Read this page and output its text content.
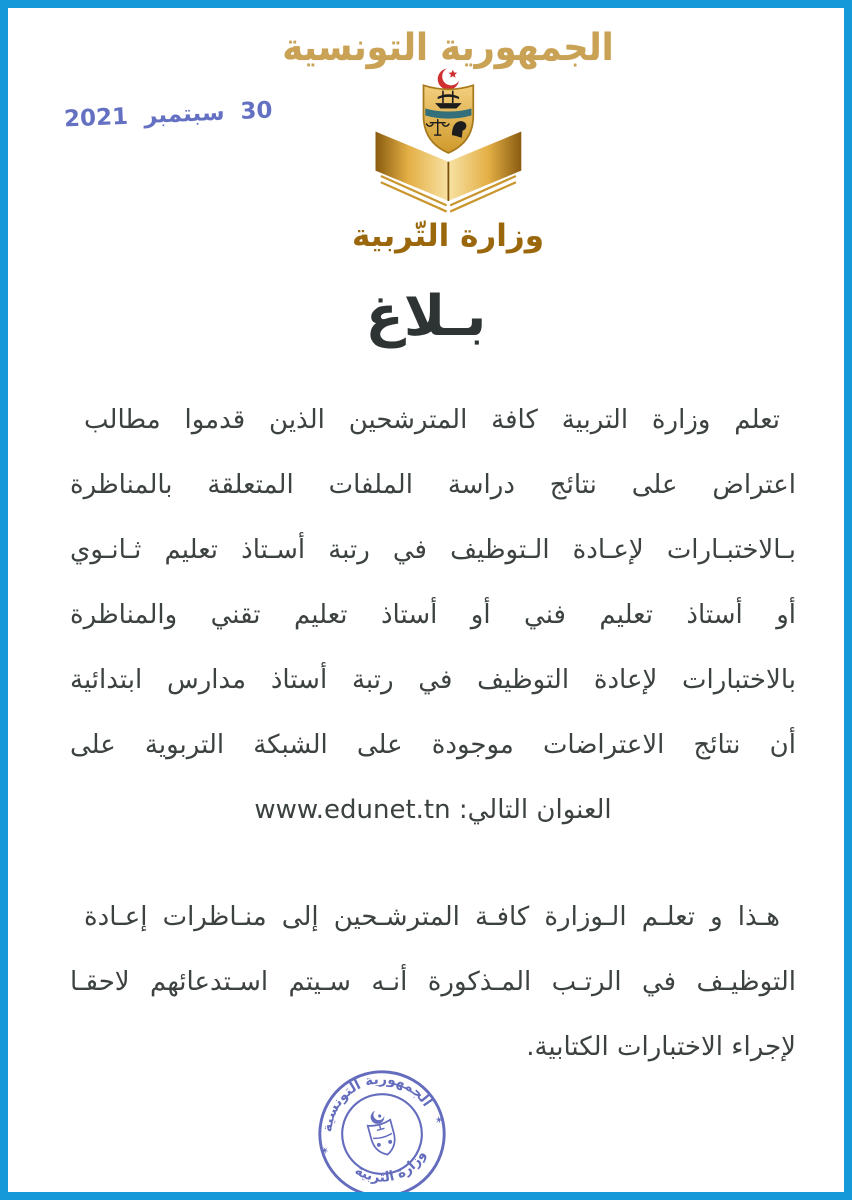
30 سبتمبر 2021
الجمهورية التونسية
وزارة التّربية
بـلاغ
تعلم وزارة التربية كافة المترشحين الذين قدموا مطالب
اعتراض على نتائج دراسة الملفات المتعلقة بالمناظرة
بـالاختبـارات لإعـادة الـتوظيف في رتبة أسـتاذ تعليم ثـانـوي
أو أستاذ تعليم فني أو أستاذ تعليم تقني والمناظرة
بالاختبارات لإعادة التوظيف في رتبة أستاذ مدارس ابتدائية
أن نتائج الاعتراضات موجودة على الشبكة التربوية على
العنوان التالي: www.edunet.tn
هـذا و تعلـم الـوزارة كافـة المترشـحين إلى منـاظرات إعـادة
التوظيـف في الرتـب المـذكورة أنـه سـيتم اسـتدعائهم لاحقـا
لإجراء الاختبارات الكتابية.
الجمهورية التونسية
وزارة التربية
✶
✶
